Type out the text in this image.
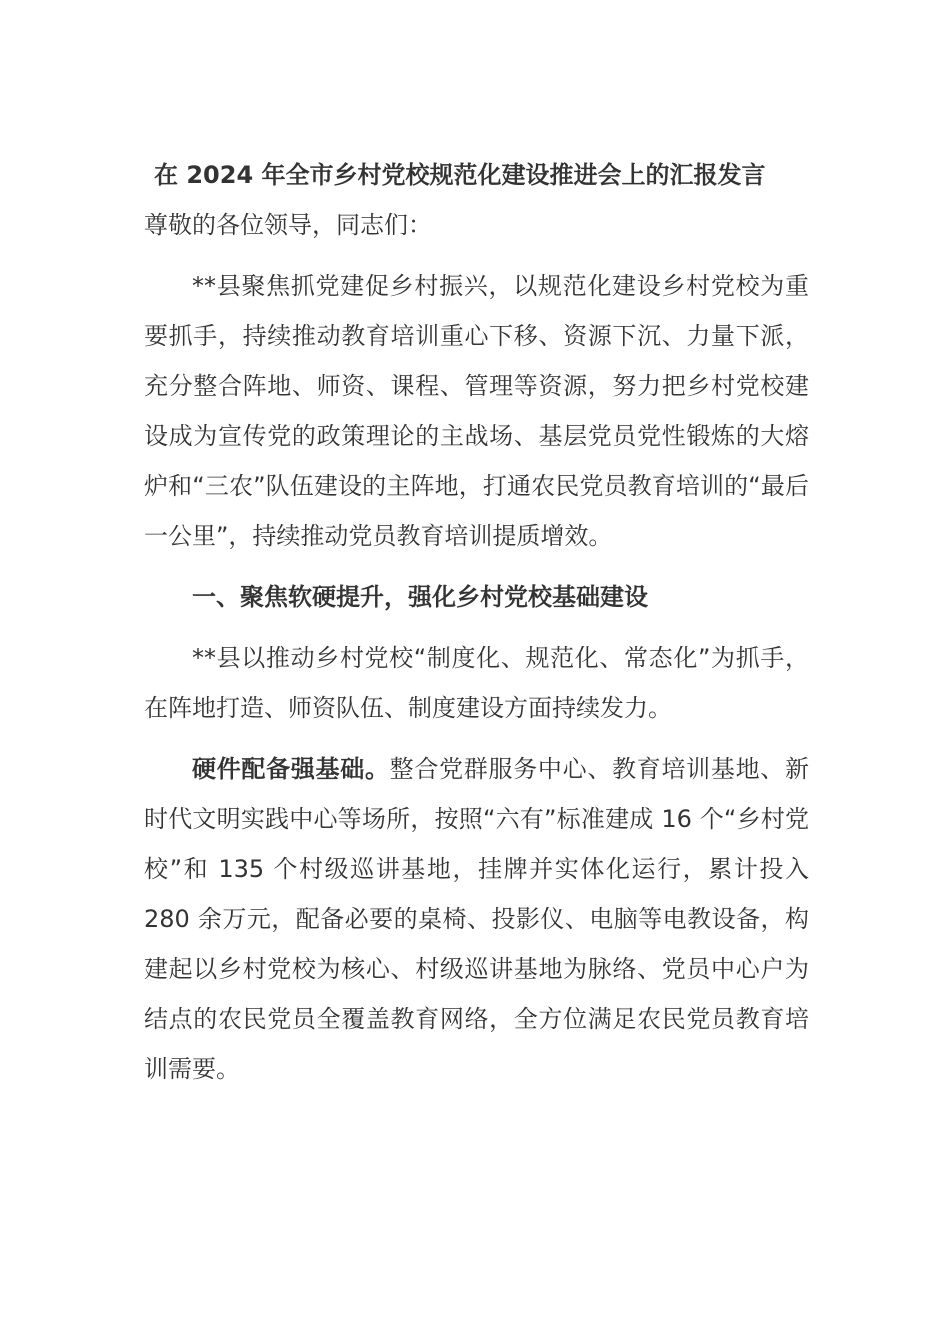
在 2024 年全市乡村党校规范化建设推进会上的汇报发言

尊敬的各位领导，同志们：

**县聚焦抓党建促乡村振兴，以规范化建设乡村党校为重要抓手，持续推动教育培训重心下移、资源下沉、力量下派，充分整合阵地、师资、课程、管理等资源，努力把乡村党校建设成为宣传党的政策理论的主战场、基层党员党性锻炼的大熔炉和“三农”队伍建设的主阵地，打通农民党员教育培训的“最后一公里”，持续推动党员教育培训提质增效。

一、聚焦软硬提升，强化乡村党校基础建设

**县以推动乡村党校“制度化、规范化、常态化”为抓手，在阵地打造、师资队伍、制度建设方面持续发力。

硬件配备强基础。整合党群服务中心、教育培训基地、新时代文明实践中心等场所，按照“六有”标准建成 16 个“乡村党校”和 135 个村级巡讲基地，挂牌并实体化运行，累计投入 280 余万元，配备必要的桌椅、投影仪、电脑等电教设备，构建起以乡村党校为核心、村级巡讲基地为脉络、党员中心户为结点的农民党员全覆盖教育网络，全方位满足农民党员教育培训需要。
